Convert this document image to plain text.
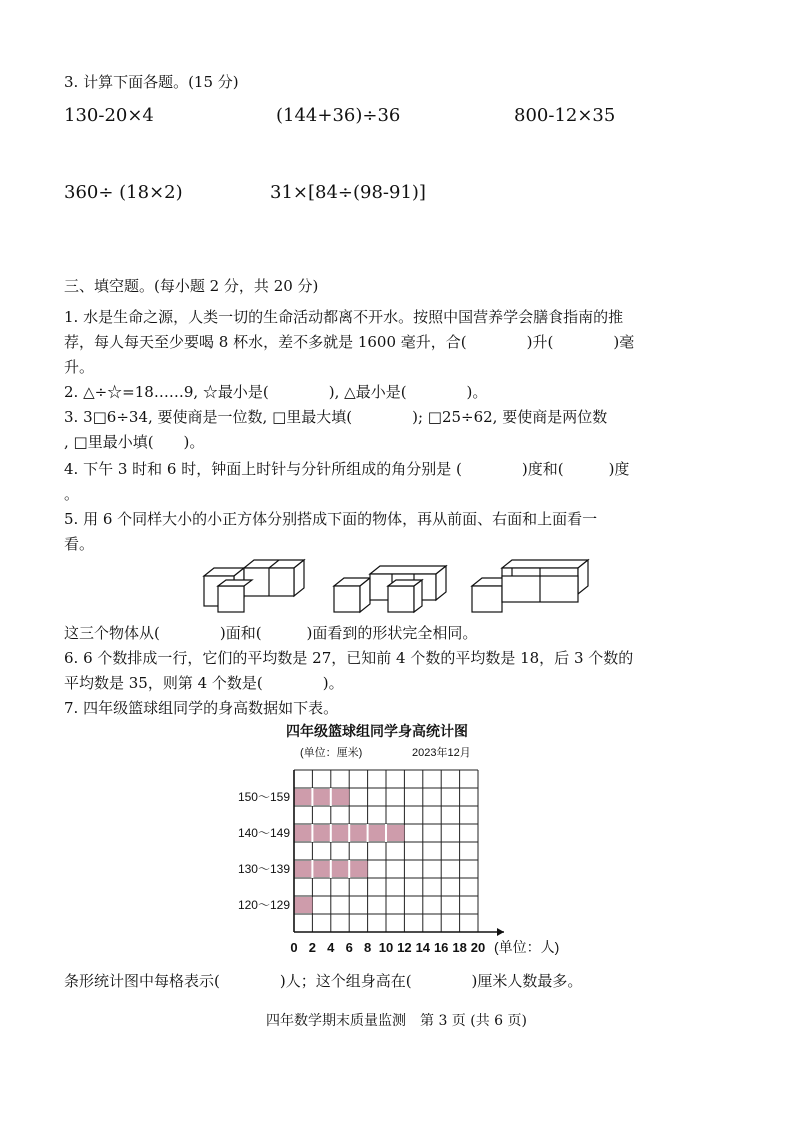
3. 计算下面各题。(15 分)
130-20×4	(144+36)÷36	800-12×35
360÷ (18×2)	31×[84÷(98-91)]
三、填空题。(每小题 2 分，共 20 分)
1. 水是生命之源，人类一切的生命活动都离不开水。按照中国营养学会膳食指南的推
荐，每人每天至少要喝 8 杯水，差不多就是 1600 毫升，合(　　　　)升(　　　　)毫
升。
2. △÷☆=18……9, ☆最小是(　　　　), △最小是(　　　　)。
3. 3□6÷34, 要使商是一位数, □里最大填(　　　　); □25÷62, 要使商是两位数
, □里最小填(　　)。
4. 下午 3 时和 6 时，钟面上时针与分针所组成的角分别是 (　　　　)度和(　　　)度
。
5. 用 6 个同样大小的小正方体分别搭成下面的物体，再从前面、右面和上面看一
看。
这三个物体从(　　　　)面和(　　　)面看到的形状完全相同。
6. 6 个数排成一行，它们的平均数是 27，已知前 4 个数的平均数是 18，后 3 个数的
平均数是 35，则第 4 个数是(　　　　)。
7. 四年级篮球组同学的身高数据如下表。
四年级篮球组同学身高统计图
(单位：厘米)	2023年12月
150～159
140～149
130～139
120～129
0 2 4 6 8 10 12 14 16 18 20 (单位：人)
条形统计图中每格表示(　　　　)人；这个组身高在(　　　　)厘米人数最多。
四年数学期末质量监测　第 3 页 (共 6 页)
